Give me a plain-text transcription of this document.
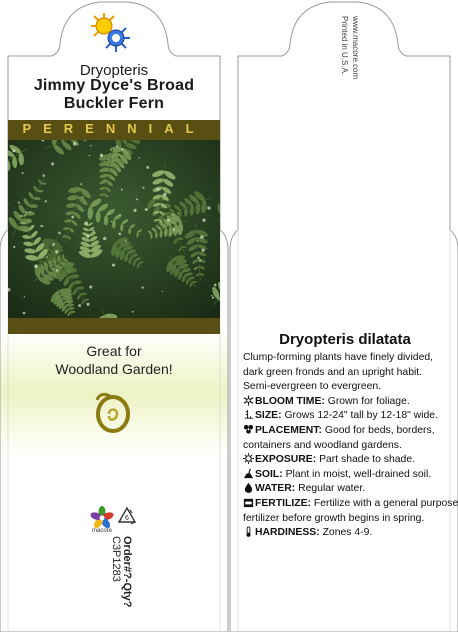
Dryopteris
Jimmy Dyce's Broad
Buckler Fern
PERENNIAL
Great for
Woodland Garden!
macore
6
Order#?-Qty?
C3P1283
Printed in U.S.A. www.macore.com
Dryopteris dilatata
Clump-forming plants have finely divided,
dark green fronds and an upright habit.
Semi-evergreen to evergreen.
BLOOM TIME: Grown for foliage.
SIZE: Grows 12-24" tall by 12-18" wide.
PLACEMENT: Good for beds, borders,
containers and woodland gardens.
EXPOSURE: Part shade to shade.
SOIL: Plant in moist, well-drained soil.
WATER: Regular water.
FERTILIZE: Fertilize with a general purpose
fertilizer before growth begins in spring.
HARDINESS: Zones 4-9.
